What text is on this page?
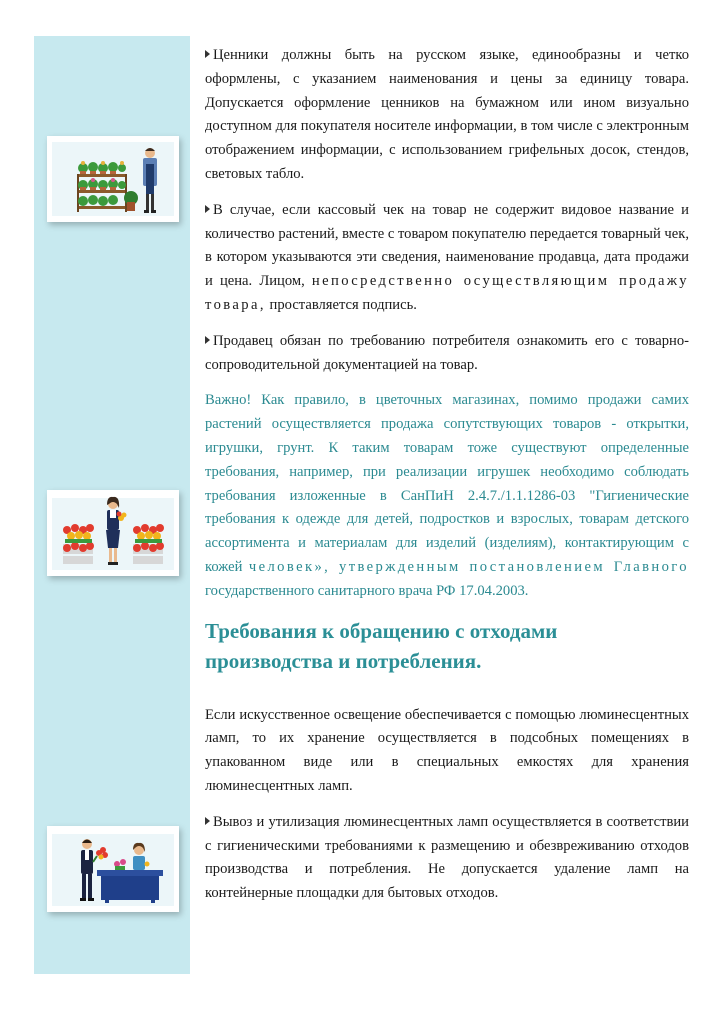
Ценники должны быть на русском языке, единообразны и четко оформлены, с указанием наименования и цены за единицу товара. Допускается оформление ценников на бумажном или ином визуально доступном для покупателя носителе информации, в том числе с электронным отображением информации, с использованием грифельных досок, стендов, световых табло.

В случае, если кассовый чек на товар не содержит видовое название и количество растений, вместе с товаром покупателю передается товарный чек, в котором указываются эти сведения, наименование продавца, дата продажи и цена. Лицом, непосредственно осуществляющим продажу товара, проставляется подпись.

Продавец обязан по требованию потребителя ознакомить его с товарно-сопроводительной документацией на товар.

Важно! Как правило, в цветочных магазинах, помимо продажи самих растений осуществляется продажа сопутствующих товаров - открытки, игрушки, грунт. К таким товарам тоже существуют определенные требования, например, при реализации игрушек необходимо соблюдать требования изложенные в СанПиН 2.4.7./1.1.1286-03 "Гигиенические требования к одежде для детей, подростков и взрослых, товарам детского ассортимента и материалам для изделий (изделиям), контактирующим с кожей человек», утвержденным постановлением Главного государственного санитарного врача РФ 17.04.2003.

Требования к обращению с отходами производства и потребления.

Если искусственное освещение обеспечивается с помощью люминесцентных ламп, то их хранение осуществляется в подсобных помещениях в упакованном виде или в специальных емкостях для хранения люминесцентных ламп.

Вывоз и утилизация люминесцентных ламп осуществляется в соответствии с гигиеническими требованиями к размещению и обезвреживанию отходов производства и потребления. Не допускается удаление ламп на контейнерные площадки для бытовых отходов.
